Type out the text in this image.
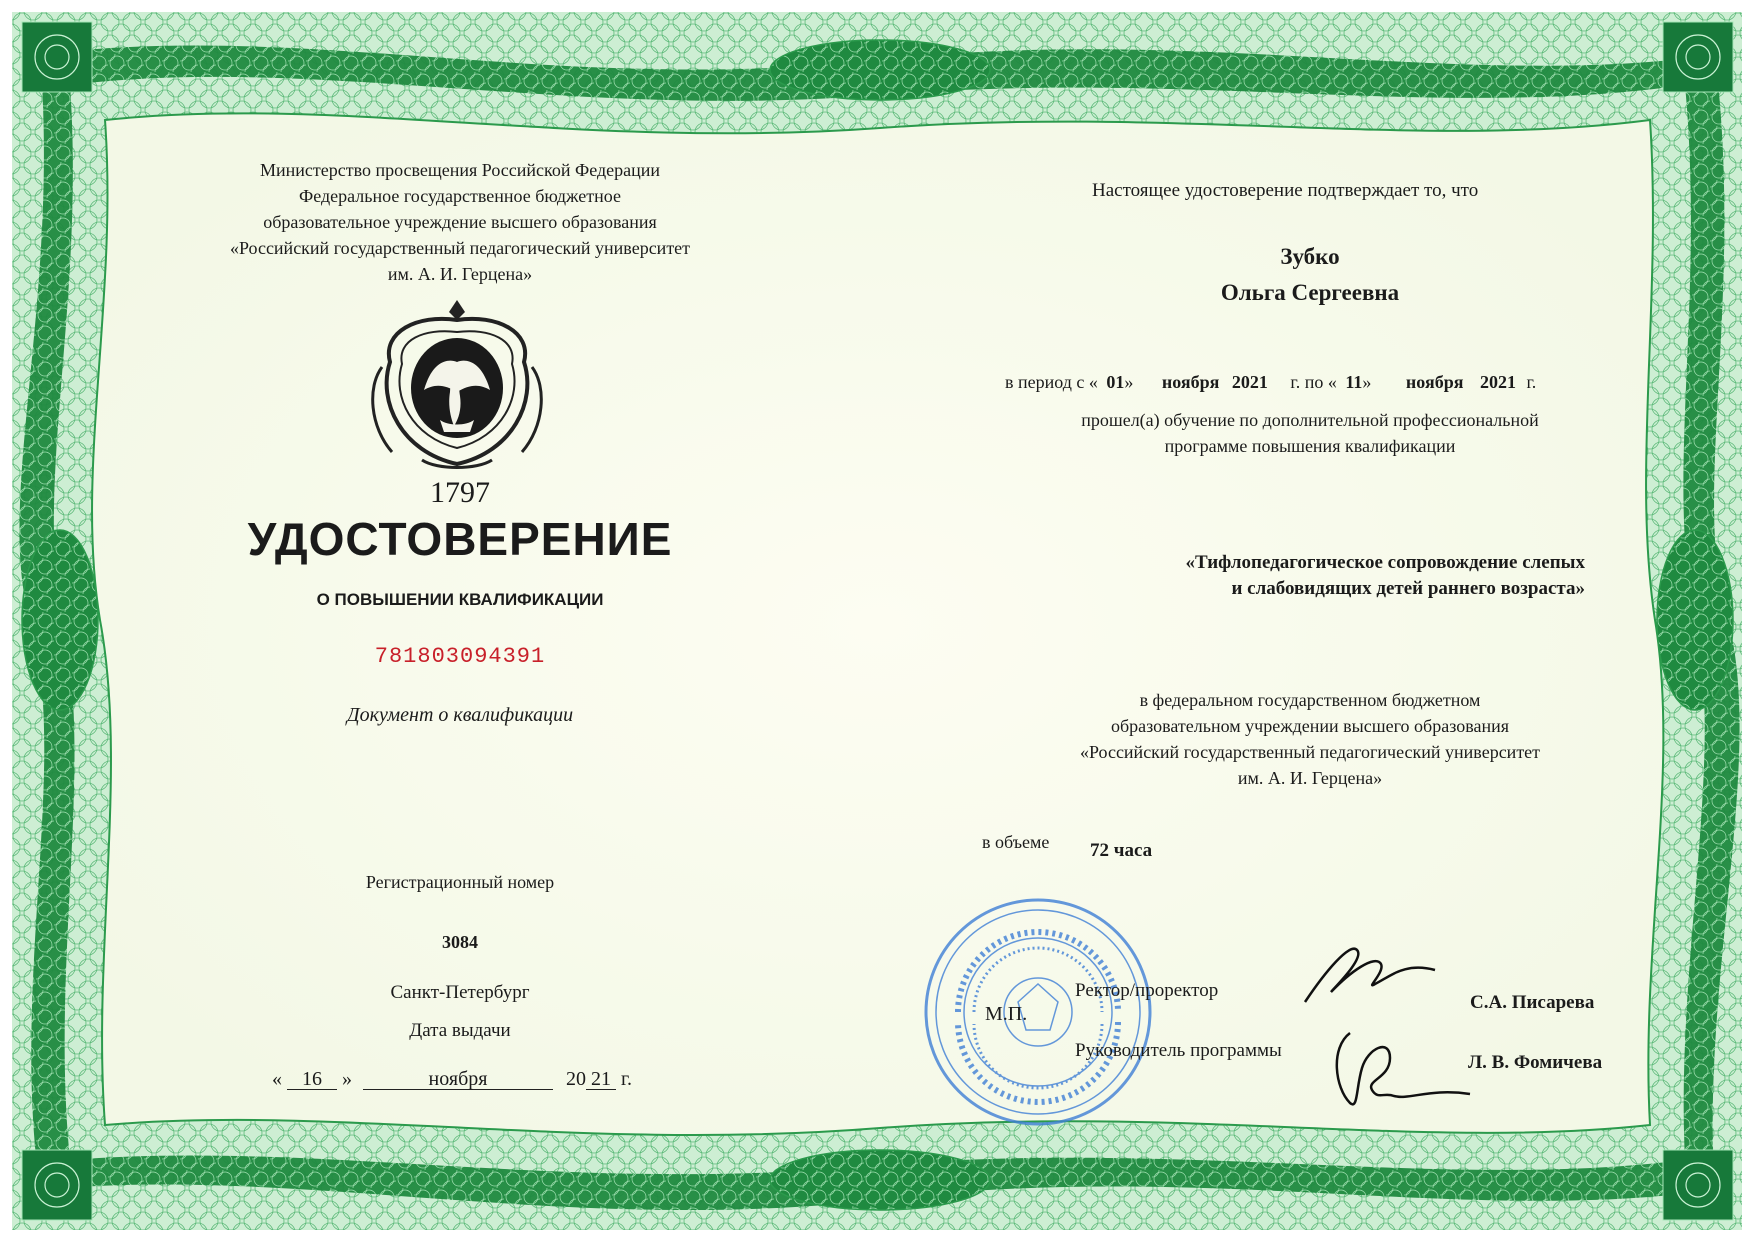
Министерство просвещения Российской Федерации
Федеральное государственное бюджетное
образовательное учреждение высшего образования
«Российский государственный педагогический университет
им. А. И. Герцена»
1797
УДОСТОВЕРЕНИЕ
О ПОВЫШЕНИИ КВАЛИФИКАЦИИ
781803094391
Документ о квалификации
Регистрационный номер
3084
Санкт-Петербург
Дата выдачи
« 16 »	ноября	20 21 г.
Настоящее удостоверение подтверждает то, что
Зубко
Ольга Сергеевна
в период с « 01» ноября 2021 г. по « 11» ноября 2021 г.
прошел(а) обучение по дополнительной профессиональной
программе повышения квалификации
«Тифлопедагогическое сопровождение слепых
и слабовидящих детей раннего возраста»
в федеральном государственном бюджетном
образовательном учреждении высшего образования
«Российский государственный педагогический университет
им. А. И. Герцена»
в объеме 72 часа
М.П.
Ректор/проректор
Руководитель программы
С.А. Писарева
Л. В. Фомичева
